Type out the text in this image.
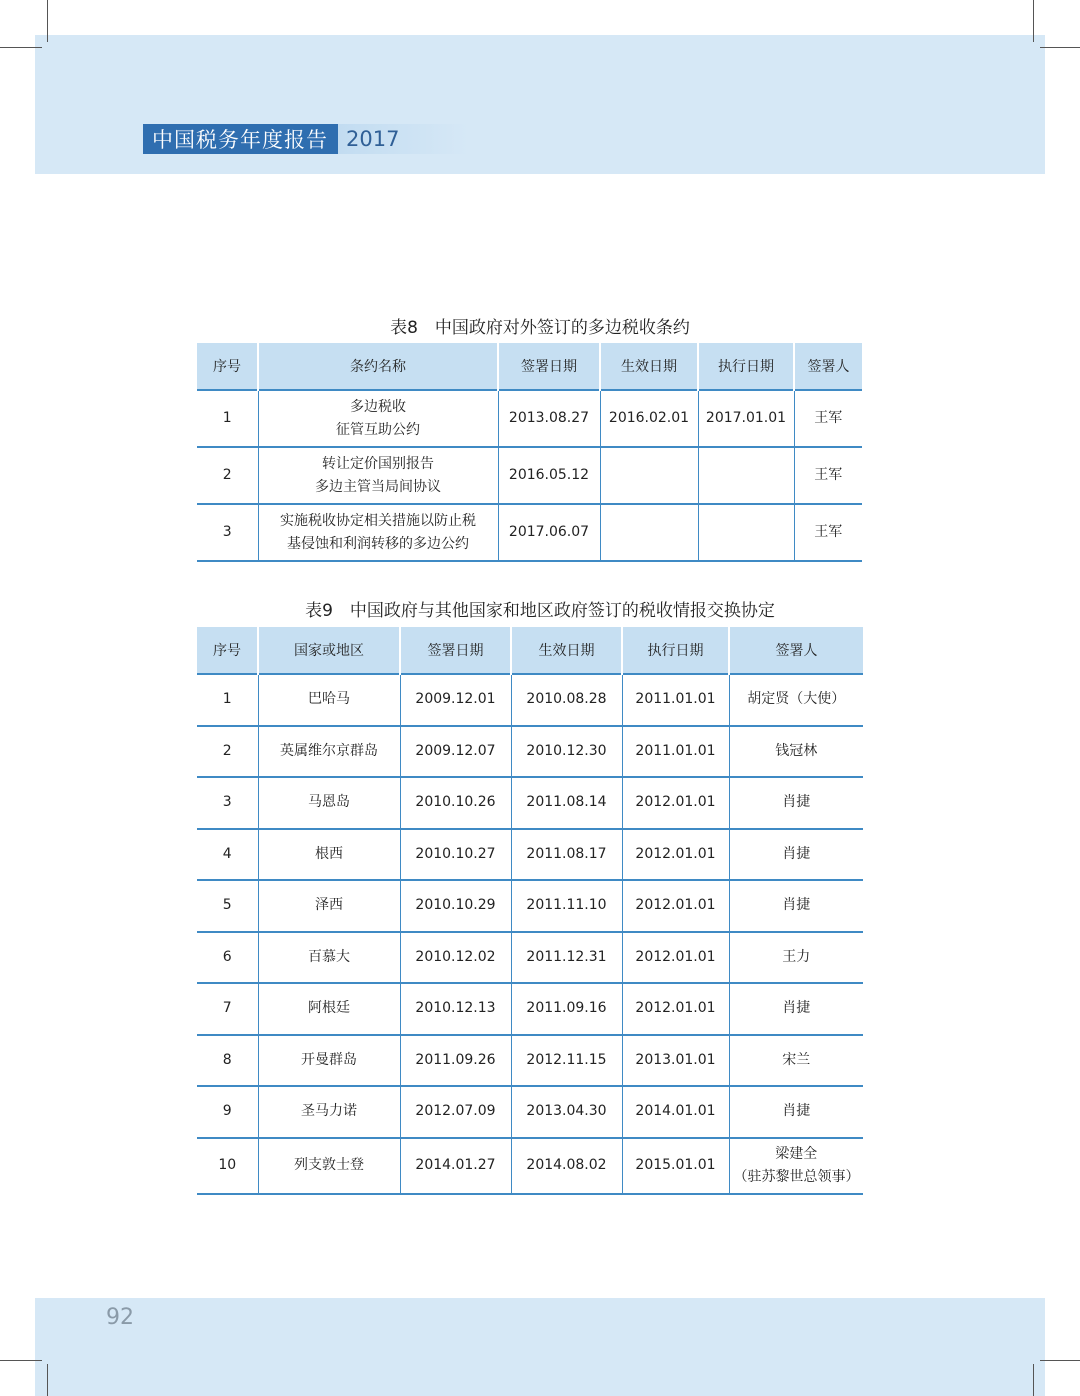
中国税务年度报告 2017
表8　中国政府对外签订的多边税收条约
序号	条约名称	签署日期	生效日期	执行日期	签署人
1	多边税收
征管互助公约	2013.08.27	2016.02.01	2017.01.01	王军
2	转让定价国别报告
多边主管当局间协议	2016.05.12			王军
3	实施税收协定相关措施以防止税
基侵蚀和利润转移的多边公约	2017.06.07			王军
表9　中国政府与其他国家和地区政府签订的税收情报交换协定
序号	国家或地区	签署日期	生效日期	执行日期	签署人
1	巴哈马	2009.12.01	2010.08.28	2011.01.01	胡定贤（大使）
2	英属维尔京群岛	2009.12.07	2010.12.30	2011.01.01	钱冠林
3	马恩岛	2010.10.26	2011.08.14	2012.01.01	肖捷
4	根西	2010.10.27	2011.08.17	2012.01.01	肖捷
5	泽西	2010.10.29	2011.11.10	2012.01.01	肖捷
6	百慕大	2010.12.02	2011.12.31	2012.01.01	王力
7	阿根廷	2010.12.13	2011.09.16	2012.01.01	肖捷
8	开曼群岛	2011.09.26	2012.11.15	2013.01.01	宋兰
9	圣马力诺	2012.07.09	2013.04.30	2014.01.01	肖捷
10	列支敦士登	2014.01.27	2014.08.02	2015.01.01	梁建全
（驻苏黎世总领事）
92
